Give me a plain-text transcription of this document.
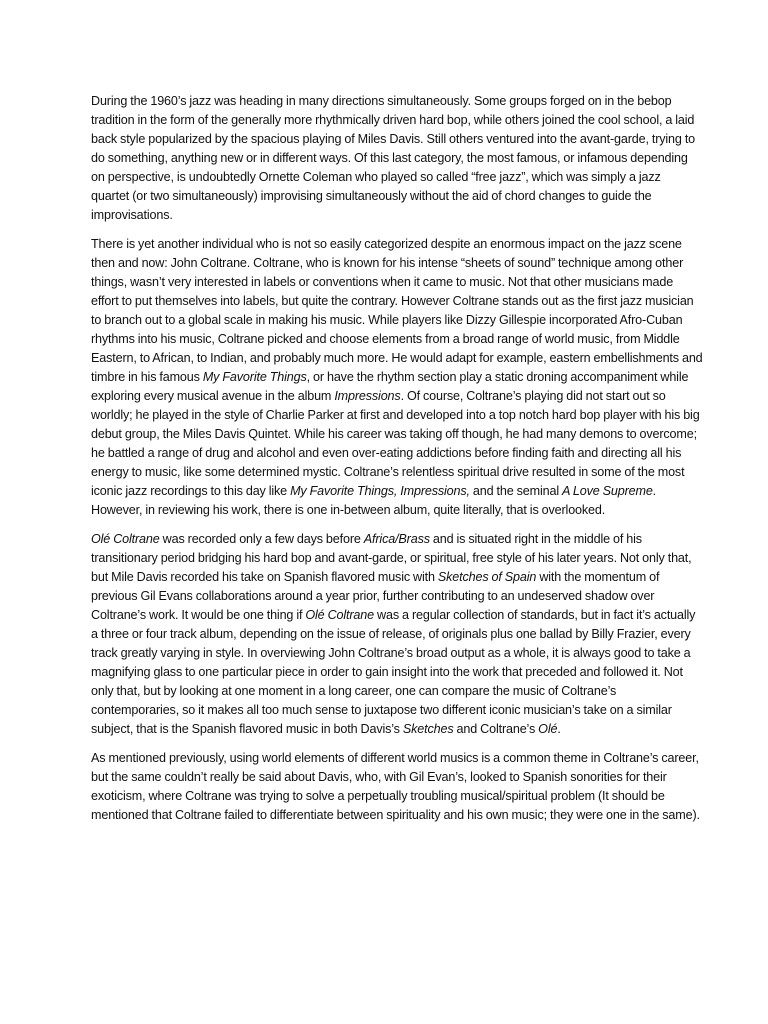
During the 1960’s jazz was heading in many directions simultaneously. Some groups forged on in the bebop tradition in the form of the generally more rhythmically driven hard bop, while others joined the cool school, a laid back style popularized by the spacious playing of Miles Davis. Still others ventured into the avant-garde, trying to do something, anything new or in different ways. Of this last category, the most famous, or infamous depending on perspective, is undoubtedly Ornette Coleman who played so called “free jazz”, which was simply a jazz  quartet (or two simultaneously) improvising simultaneously without the aid of chord changes to guide the improvisations.

There is yet another individual who is not so easily categorized despite an enormous impact on the jazz scene then and now: John Coltrane. Coltrane, who is known for his intense “sheets of sound” technique among other things, wasn’t very interested in labels or conventions when it came to music. Not that other musicians made effort to put themselves into labels, but quite the contrary. However Coltrane stands out as the first jazz musician to branch out to a global scale in making his music. While players like Dizzy Gillespie incorporated Afro-Cuban rhythms into his music, Coltrane picked and choose elements from a broad range of world music, from Middle Eastern, to African, to Indian, and probably much more. He would adapt for example, eastern embellishments and timbre in his famous My Favorite Things, or have the rhythm section play a static droning accompaniment while exploring every musical avenue in the album Impressions. Of course, Coltrane’s playing did not start out so worldly; he played in the style of Charlie Parker at first and developed into a top notch hard bop player with his big debut group, the Miles Davis Quintet. While his career was taking off though, he had many demons to overcome; he battled a range of drug and alcohol and even over-eating addictions before finding faith and directing all his energy to music, like some determined mystic. Coltrane’s relentless spiritual drive resulted in some of the most iconic jazz recordings to this day like My Favorite Things, Impressions, and the seminal A Love Supreme. However, in reviewing his work, there is one in-between album, quite literally, that is overlooked.

Olé Coltrane was recorded only a few days before Africa/Brass and is situated right in the middle of his transitionary period bridging his hard bop and avant-garde, or spiritual, free style of his later years. Not only that, but Mile Davis recorded his take on Spanish flavored music with Sketches of Spain with the momentum of previous Gil Evans collaborations around a year prior, further contributing to an undeserved shadow over Coltrane’s work. It would be one thing if Olé Coltrane was a regular collection of standards, but in fact it’s actually a three or four track album, depending on the issue of release, of originals plus one ballad by Billy Frazier, every track greatly varying in style. In overviewing John Coltrane’s broad output as a whole, it is always good to take a magnifying glass to one particular piece in order to gain insight into the work that preceded and followed it. Not only that, but by looking at one moment in a long career, one can compare the music of Coltrane’s contemporaries, so it makes all too much sense to juxtapose two different iconic musician’s take on a similar subject, that is the Spanish flavored music in both Davis’s Sketches and Coltrane’s Olé.

As mentioned previously, using world elements of different world musics is a common theme in Coltrane’s career, but the same couldn’t really be said about Davis, who, with Gil Evan’s, looked to Spanish sonorities for their exoticism, where Coltrane was trying to solve a perpetually troubling musical/spiritual problem (It should be mentioned that Coltrane failed to differentiate between spirituality and his own music; they were one in the same).
